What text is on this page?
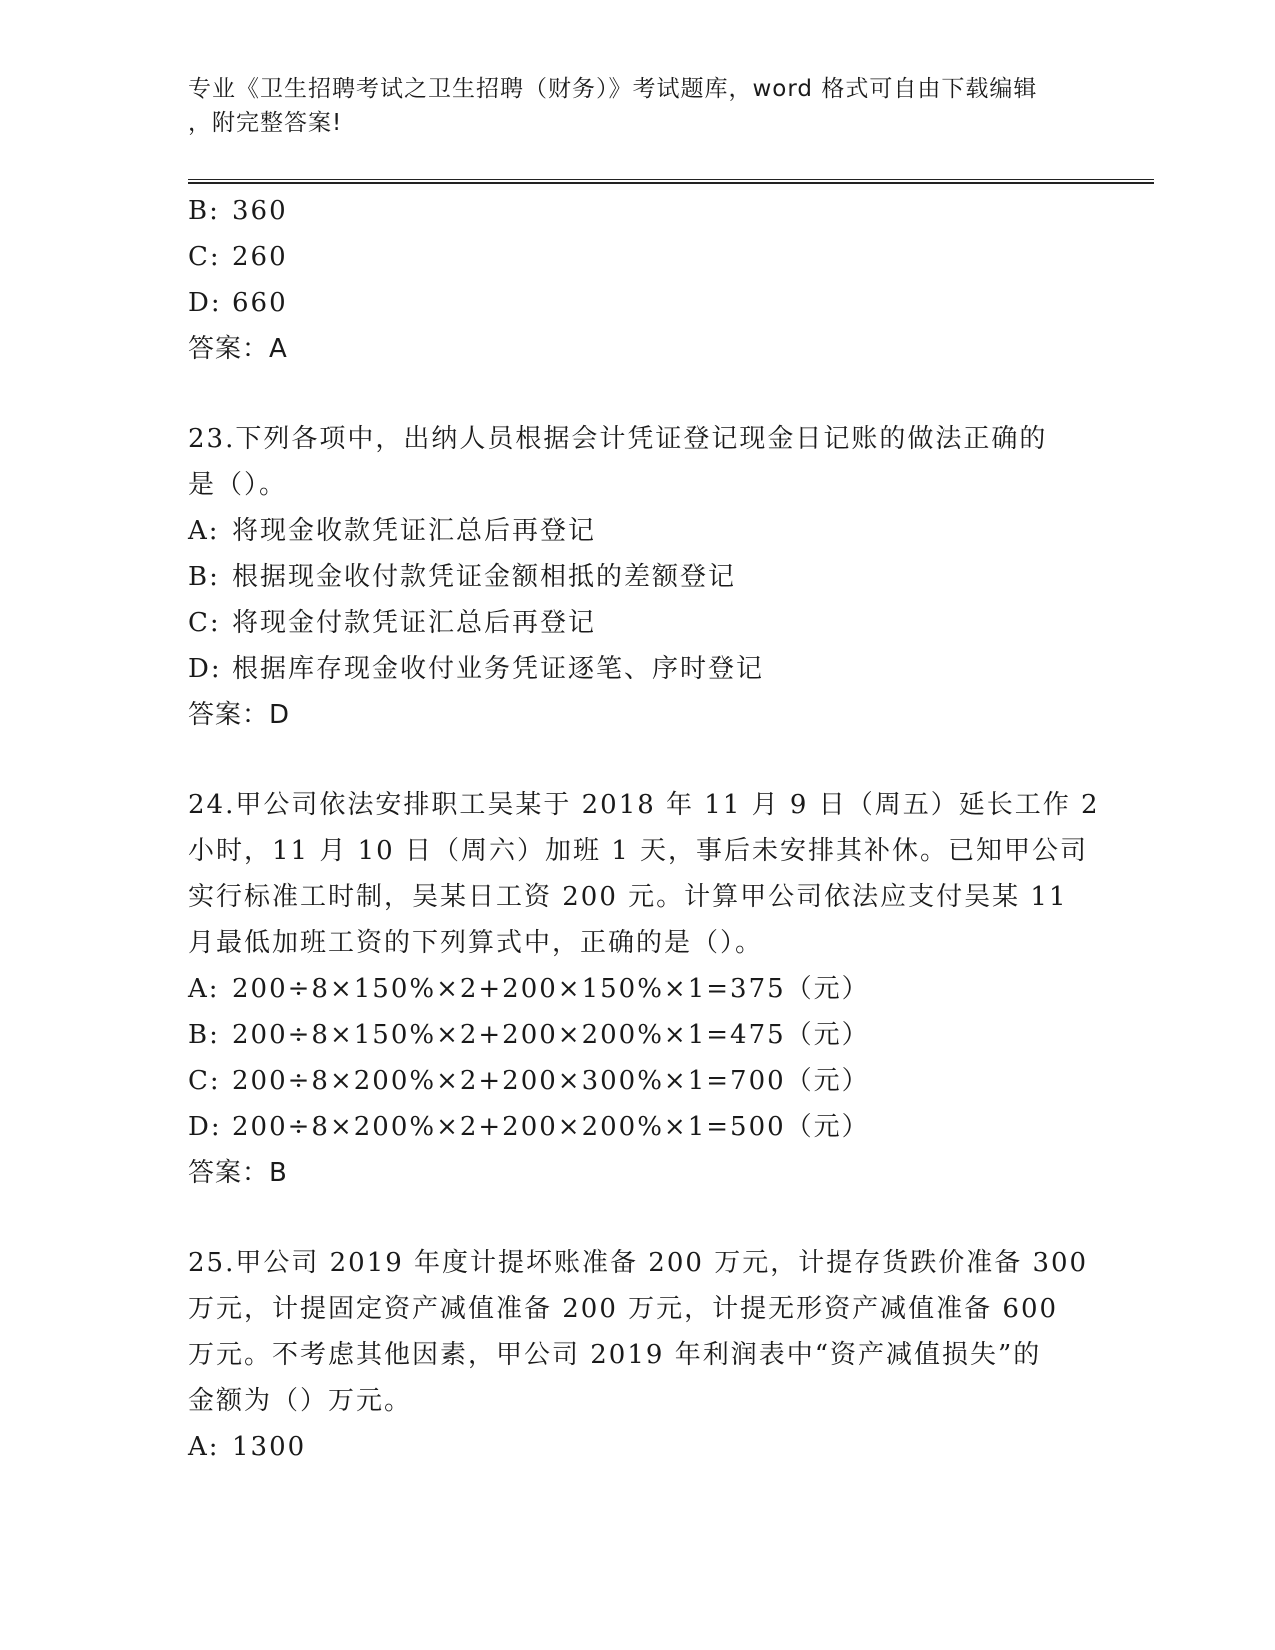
专业《卫生招聘考试之卫生招聘（财务）》考试题库，word 格式可自由下载编辑
，附完整答案!
B: 360
C: 260
D: 660
答案：A
23.下列各项中，出纳人员根据会计凭证登记现金日记账的做法正确的
是（）。
A: 将现金收款凭证汇总后再登记
B: 根据现金收付款凭证金额相抵的差额登记
C: 将现金付款凭证汇总后再登记
D: 根据库存现金收付业务凭证逐笔、序时登记
答案：D
24.甲公司依法安排职工吴某于 2018 年 11 月 9 日（周五）延长工作 2
小时，11 月 10 日（周六）加班 1 天，事后未安排其补休。已知甲公司
实行标准工时制，吴某日工资 200 元。计算甲公司依法应支付吴某 11
月最低加班工资的下列算式中，正确的是（）。
A: 200÷8×150%×2+200×150%×1=375（元）
B: 200÷8×150%×2+200×200%×1=475（元）
C: 200÷8×200%×2+200×300%×1=700（元）
D: 200÷8×200%×2+200×200%×1=500（元）
答案：B
25.甲公司 2019 年度计提坏账准备 200 万元，计提存货跌价准备 300
万元，计提固定资产减值准备 200 万元，计提无形资产减值准备 600
万元。不考虑其他因素，甲公司 2019 年利润表中“资产减值损失”的
金额为（）万元。
A: 1300
